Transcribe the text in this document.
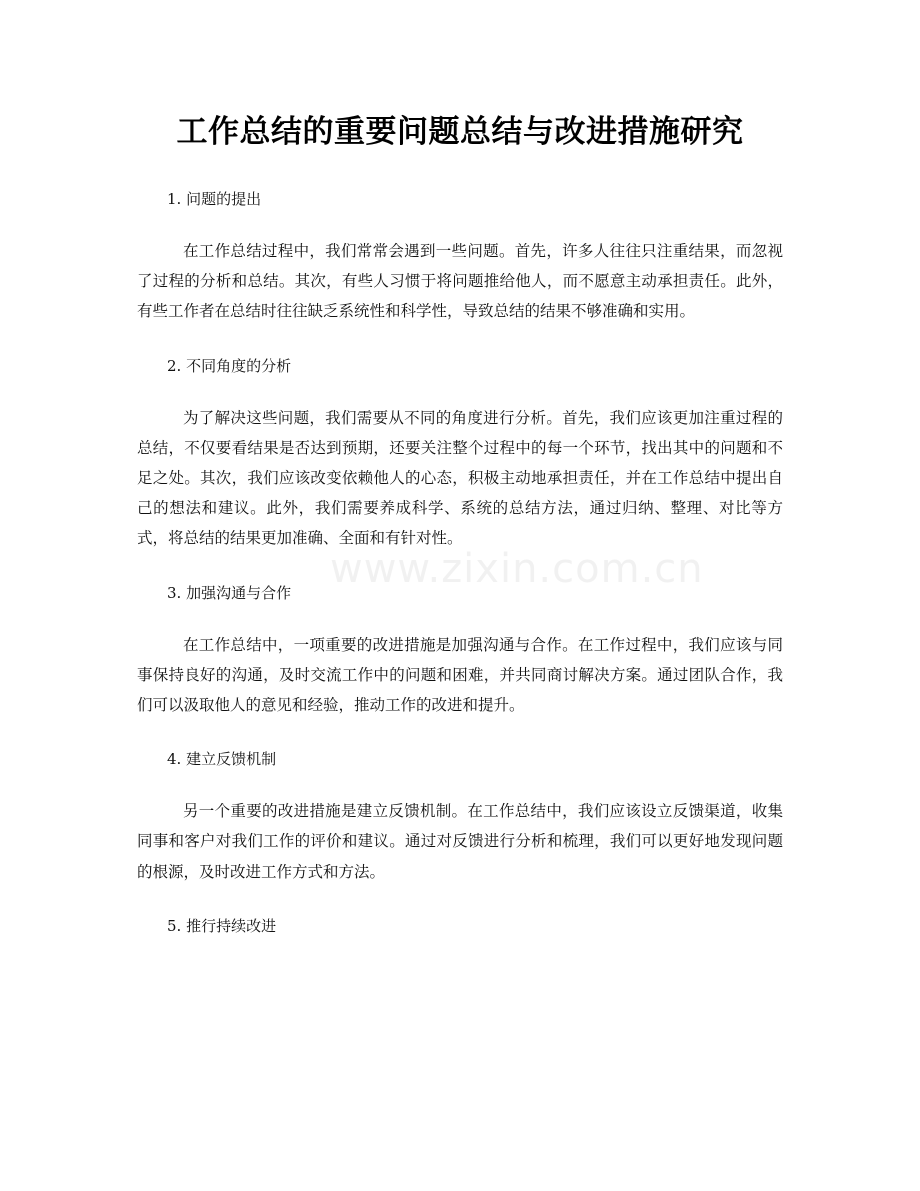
工作总结的重要问题总结与改进措施研究
www.zixin.com.cn
1. 问题的提出

在工作总结过程中，我们常常会遇到一些问题。首先，许多人往往只注重结果，而忽视了过程的分析和总结。其次，有些人习惯于将问题推给他人，而不愿意主动承担责任。此外，有些工作者在总结时往往缺乏系统性和科学性，导致总结的结果不够准确和实用。

2. 不同角度的分析

为了解决这些问题，我们需要从不同的角度进行分析。首先，我们应该更加注重过程的总结，不仅要看结果是否达到预期，还要关注整个过程中的每一个环节，找出其中的问题和不足之处。其次，我们应该改变依赖他人的心态，积极主动地承担责任，并在工作总结中提出自己的想法和建议。此外，我们需要养成科学、系统的总结方法，通过归纳、整理、对比等方式，将总结的结果更加准确、全面和有针对性。

3. 加强沟通与合作

在工作总结中，一项重要的改进措施是加强沟通与合作。在工作过程中，我们应该与同事保持良好的沟通，及时交流工作中的问题和困难，并共同商讨解决方案。通过团队合作，我们可以汲取他人的意见和经验，推动工作的改进和提升。

4. 建立反馈机制

另一个重要的改进措施是建立反馈机制。在工作总结中，我们应该设立反馈渠道，收集同事和客户对我们工作的评价和建议。通过对反馈进行分析和梳理，我们可以更好地发现问题的根源，及时改进工作方式和方法。

5. 推行持续改进
